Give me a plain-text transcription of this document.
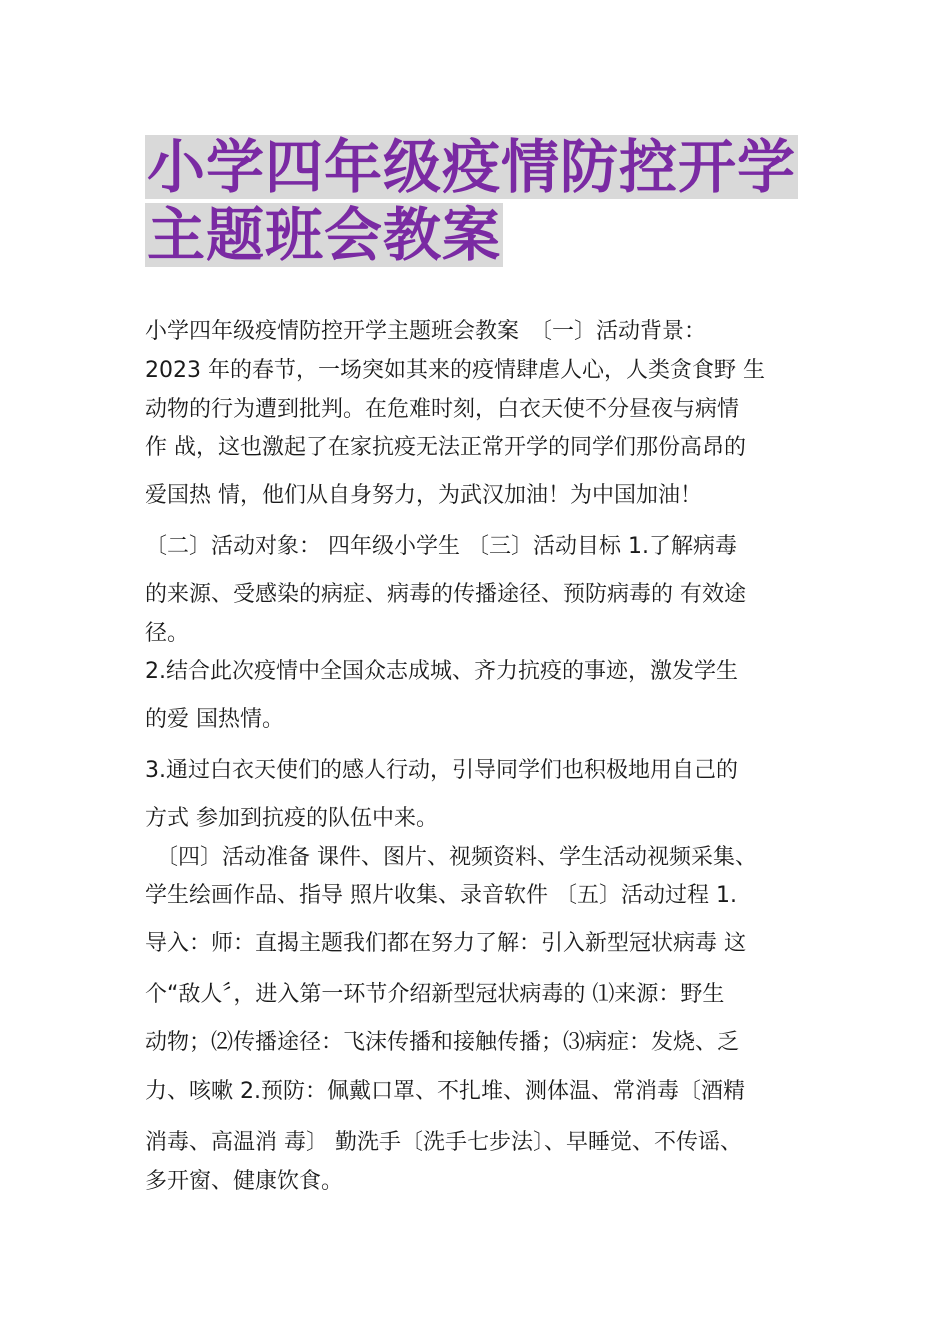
小学四年级疫情防控开学
主题班会教案

小学四年级疫情防控开学主题班会教案　〔一〕活动背景：

2023 年的春节，一场突如其来的疫情肆虐人心，人类贪食野 生

动物的行为遭到批判。在危难时刻，白衣天使不分昼夜与病情

作 战，这也激起了在家抗疫无法正常开学的同学们那份高昂的

爱国热 情，他们从自身努力，为武汉加油！为中国加油！

〔二〕活动对象： 四年级小学生 〔三〕活动目标 1.了解病毒

的来源、受感染的病症、病毒的传播途径、预防病毒的 有效途

径。

2.结合此次疫情中全国众志成城、齐力抗疫的事迹，激发学生

的爱 国热情。

3.通过白衣天使们的感人行动，引导同学们也积极地用自己的

方式 参加到抗疫的队伍中来。

　〔四〕活动准备 课件、图片、视频资料、学生活动视频采集、

学生绘画作品、指导 照片收集、录音软件 〔五〕活动过程 1.

导入：师：直揭主题我们都在努力了解：引入新型冠状病毒 这

个“敌人〞，进入第一环节介绍新型冠状病毒的 ⑴来源：野生

动物；⑵传播途径：飞沫传播和接触传播；⑶病症：发烧、乏

力、咳嗽 2.预防：佩戴口罩、不扎堆、测体温、常消毒〔酒精

消毒、高温消 毒〕 勤洗手〔洗手七步法〕、早睡觉、不传谣、

多开窗、健康饮食。
